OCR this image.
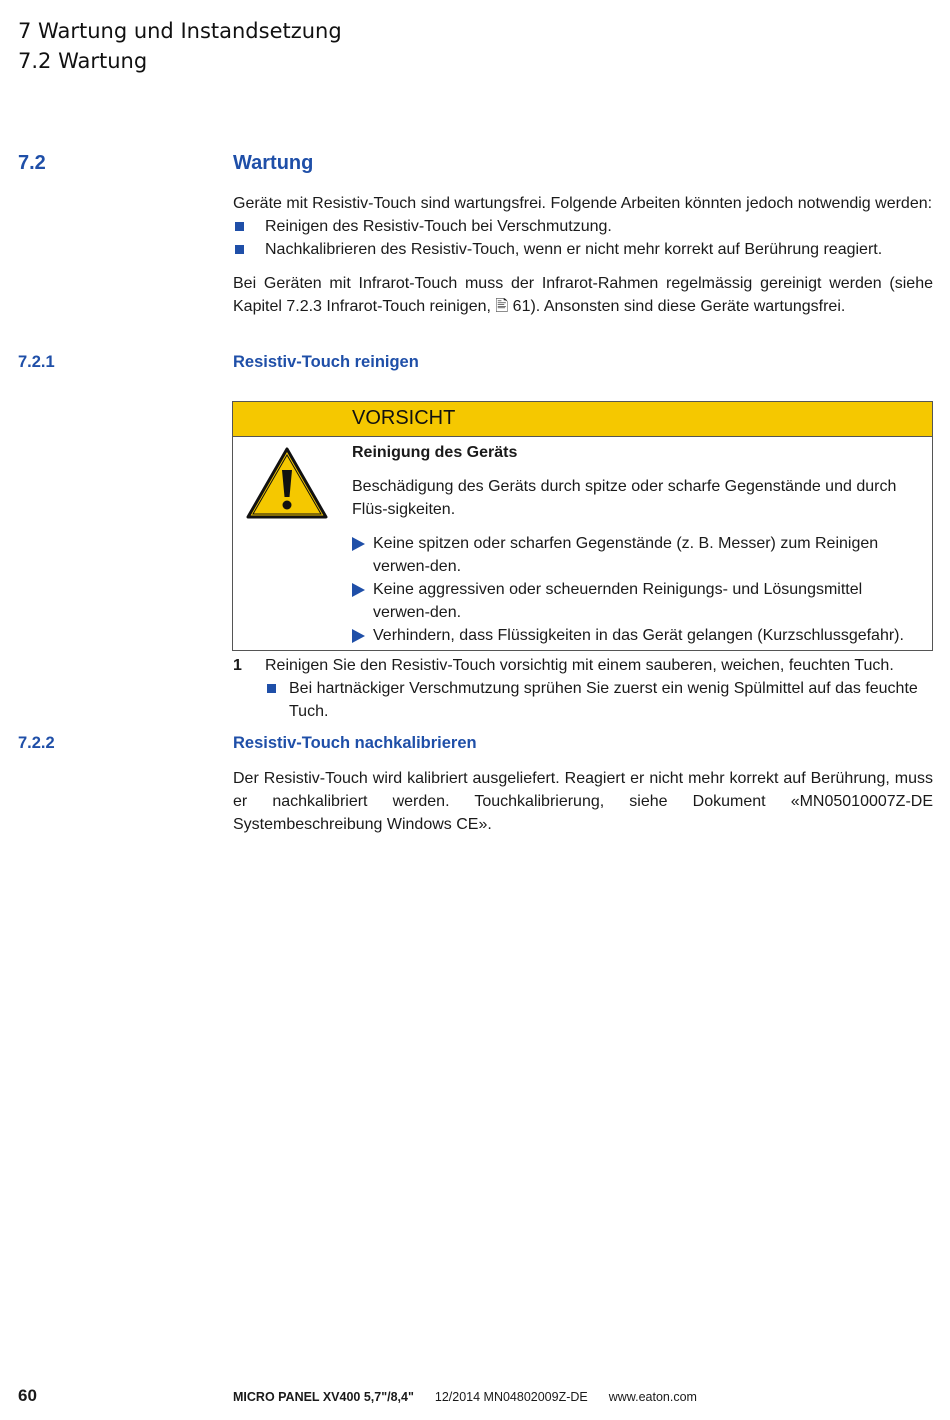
7 Wartung und Instandsetzung
7.2 Wartung
7.2	Wartung

Geräte mit Resistiv-Touch sind wartungsfrei. Folgende Arbeiten könnten jedoch notwendig werden:

Reinigen des Resistiv-Touch bei Verschmutzung.
Nachkalibrieren des Resistiv-Touch, wenn er nicht mehr korrekt auf Berührung reagiert.

Bei Geräten mit Infrarot-Touch muss der Infrarot-Rahmen regelmässig gereinigt werden (siehe Kapitel 7.2.3 Infrarot-Touch reinigen, 🖹 61). Ansonsten sind diese Geräte wartungsfrei.

7.2.1	Resistiv-Touch reinigen
VORSICHT

Reinigung des Geräts

Beschädigung des Geräts durch spitze oder scharfe Gegenstände und durch Flüs-sigkeiten.

Keine spitzen oder scharfen Gegenstände (z. B. Messer) zum Reinigen verwen-den.
Keine aggressiven oder scheuernden Reinigungs- und Lösungsmittel verwen-den.
Verhindern, dass Flüssigkeiten in das Gerät gelangen (Kurzschlussgefahr).
1 Reinigen Sie den Resistiv-Touch vorsichtig mit einem sauberen, weichen, feuchten Tuch.
Bei hartnäckiger Verschmutzung sprühen Sie zuerst ein wenig Spülmittel auf das feuchte Tuch.
7.2.2	Resistiv-Touch nachkalibrieren

Der Resistiv-Touch wird kalibriert ausgeliefert. Reagiert er nicht mehr korrekt auf Berührung, muss er nachkalibriert werden. Touchkalibrierung, siehe Dokument «MN05010007Z-DE Systembeschreibung Windows CE».

60	MICRO PANEL XV400 5,7"/8,4" 12/2014 MN04802009Z-DE www.eaton.com
